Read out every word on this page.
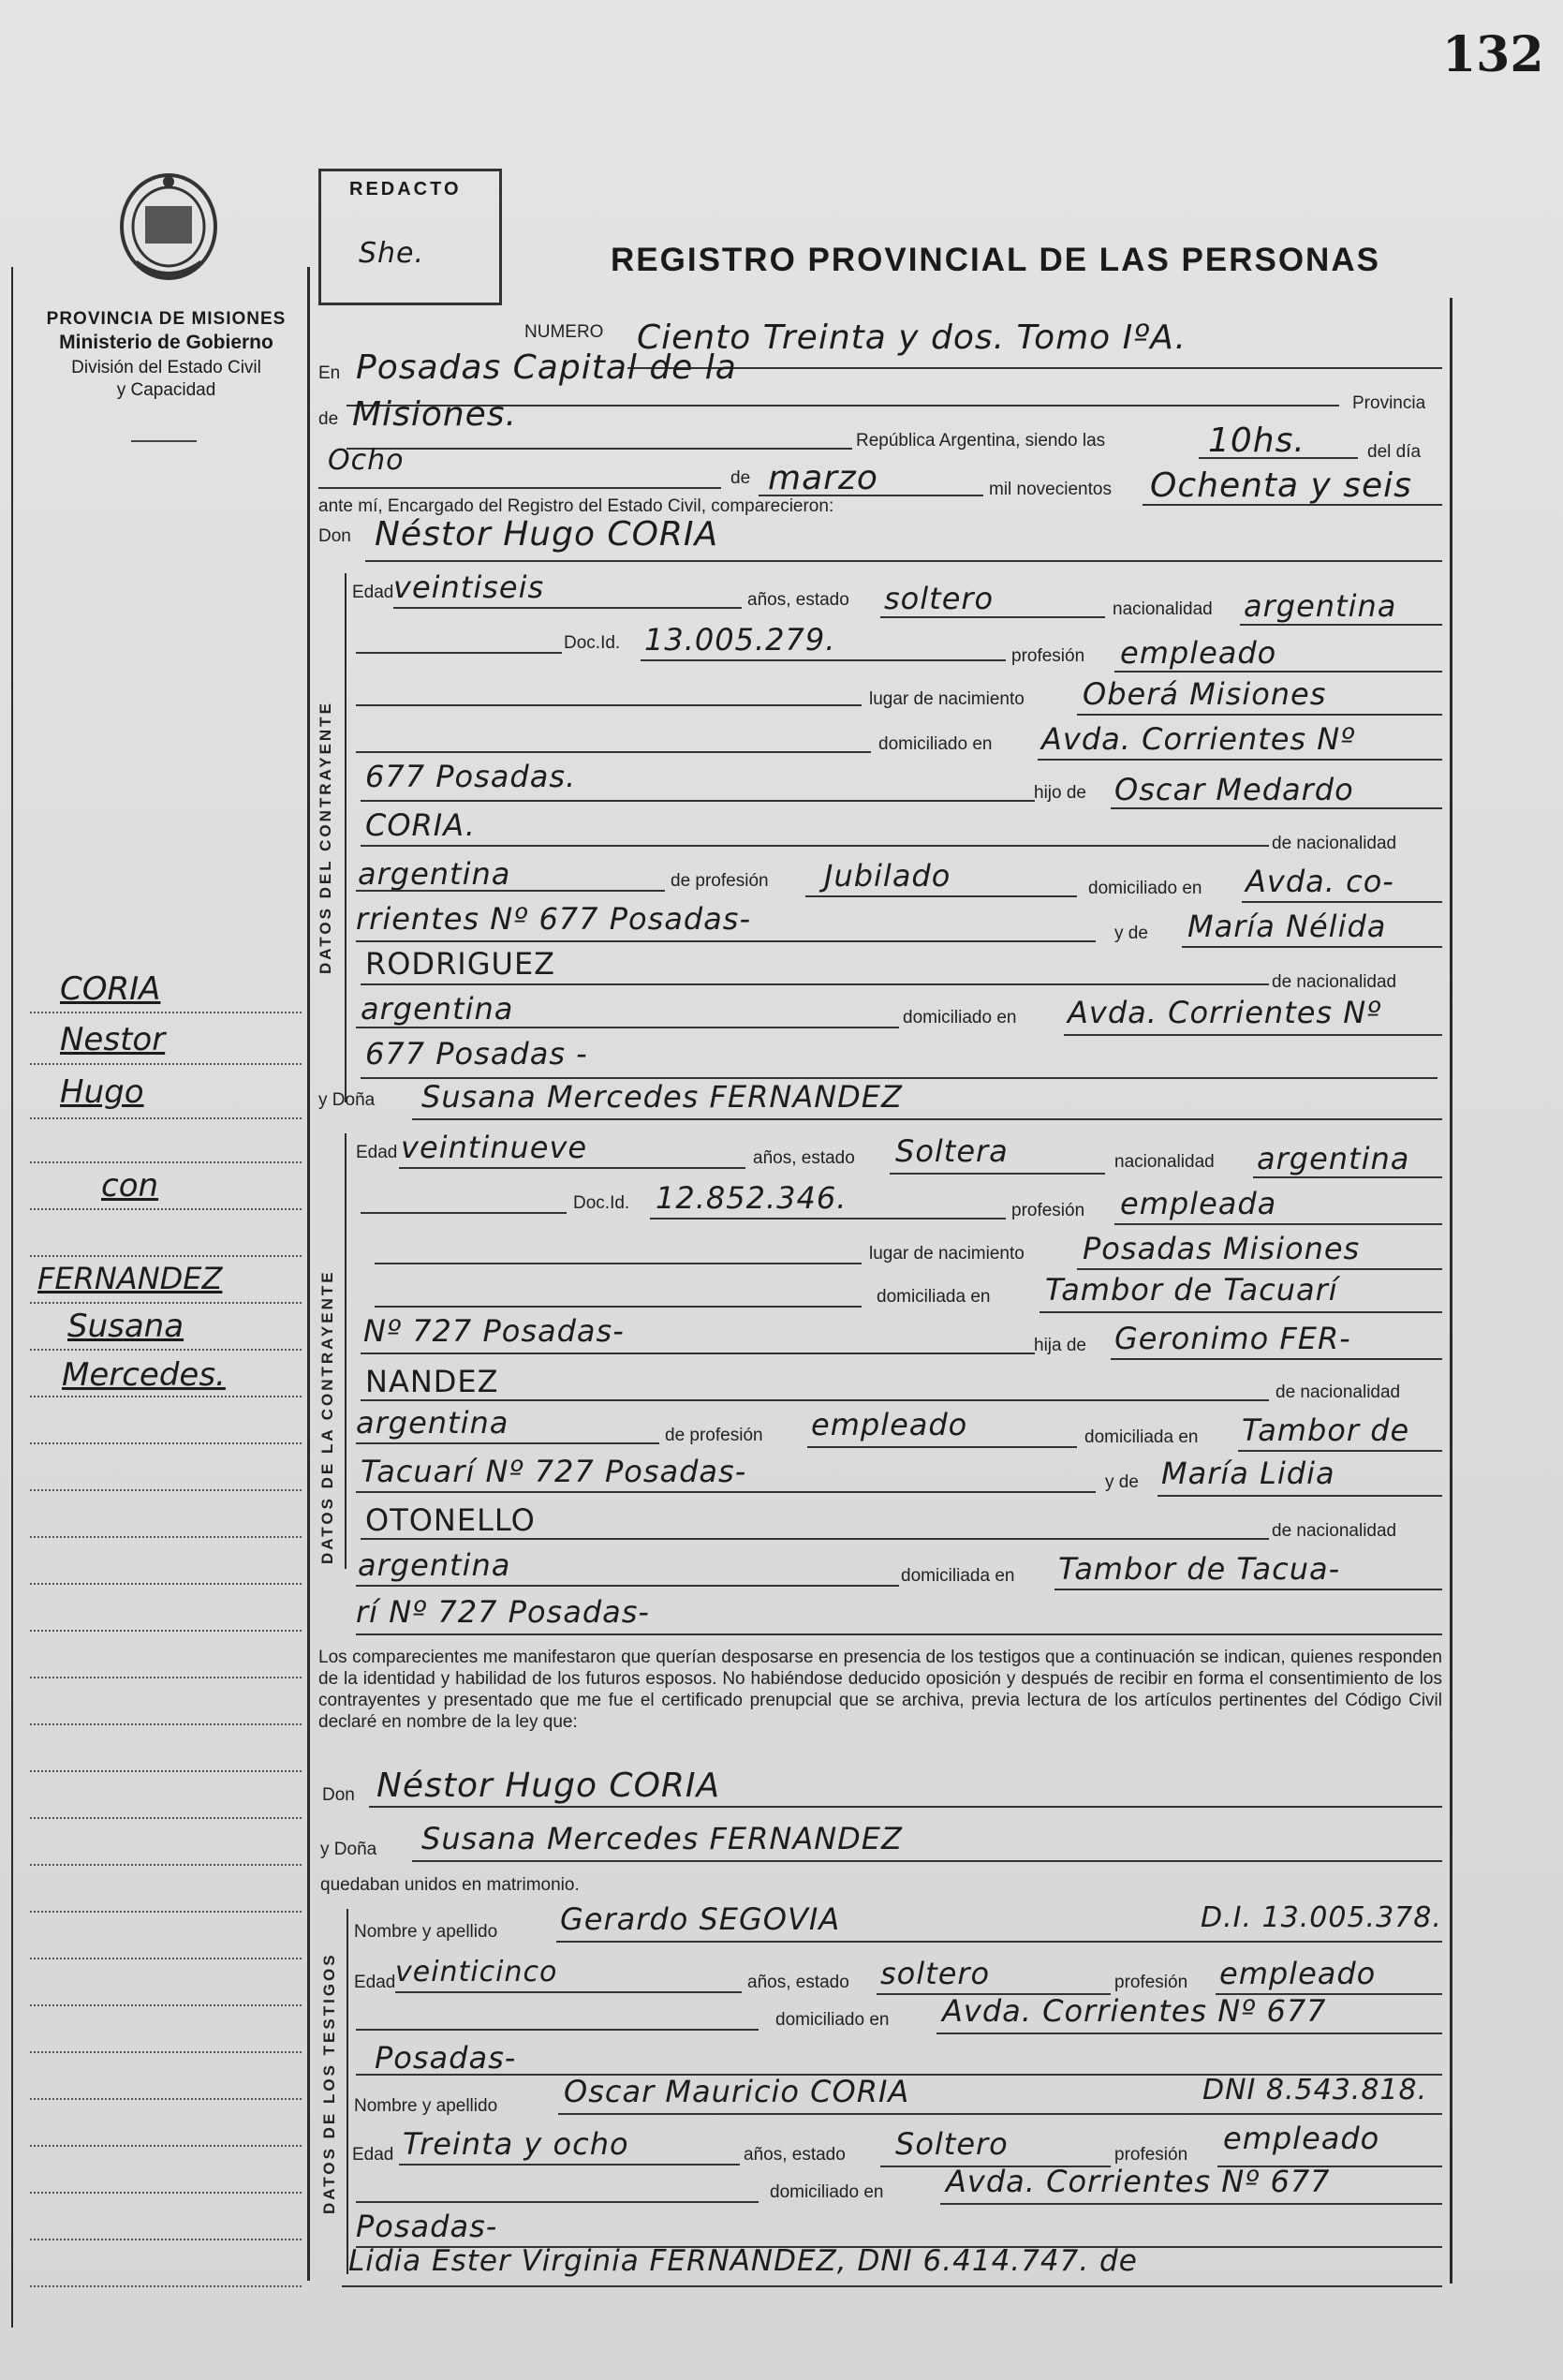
132
PROVINCIA DE MISIONES
Ministerio de Gobierno
División del Estado Civil
y Capacidad
REDACTO
She.	REGISTRO PROVINCIAL DE LAS PERSONAS
NUMERO Ciento Treinta y dos. Tomo IºA.
En Posadas Capital de la
Provincia
de Misiones.
República Argentina, siendo las	10hs.	del día
Ocho
de marzo	mil novecientos Ochenta y seis
ante mí, Encargado del Registro del Estado Civil, comparecieron:
Don Néstor Hugo CORIA
DATOS DEL CONTRAYENTE
Edad veintiseis	años, estado soltero	nacionalidad argentina
Doc.Id. 13.005.279.	profesión empleado
lugar de nacimiento Oberá Misiones
domiciliado en Avda. Corrientes Nº
677 Posadas.	hijo de Oscar Medardo
CORIA.
de nacionalidad
argentina	de profesión Jubilado	domiciliado en Avda. co-
rrientes Nº 677 Posadas-	y de María Nélida
RODRIGUEZ
de nacionalidad
argentina	domiciliado en Avda. Corrientes Nº
677 Posadas -
y Doña Susana Mercedes FERNANDEZ
DATOS DE LA CONTRAYENTE
Edad veintinueve	años, estado Soltera	nacionalidad argentina
Doc.Id. 12.852.346.	profesión empleada
lugar de nacimiento Posadas Misiones
domiciliada en Tambor de Tacuarí
Nº 727 Posadas-	hija de Geronimo FER-
NANDEZ	de nacionalidad
argentina	de profesión empleado	domiciliada en Tambor de
Tacuarí Nº 727 Posadas-	y de María Lidia
OTONELLO	de nacionalidad
argentina	domiciliada en Tambor de Tacua-
rí Nº 727 Posadas-
Los comparecientes me manifestaron que querían desposarse en presencia de los testigos que a continuación se indican, quienes responden de la identidad y habilidad de los futuros esposos. No habiéndose deducido oposición y después de recibir en forma el consentimiento de los contrayentes y presentado que me fue el certificado prenupcial que se archiva, previa lectura de los artículos pertinentes del Código Civil declaré en nombre de la ley que:
Don Néstor Hugo CORIA
y Doña Susana Mercedes FERNANDEZ
quedaban unidos en matrimonio.
DATOS DE LOS TESTIGOS
Nombre y apellido Gerardo SEGOVIA	D.I. 13.005.378.
Edad veinticinco	años, estado soltero	profesión empleado
domiciliado en Avda. Corrientes Nº 677
Posadas-
Nombre y apellido Oscar Mauricio CORIA	DNI 8.543.818.
Edad Treinta y ocho	años, estado Soltero	profesión empleado
domiciliado en Avda. Corrientes Nº 677
Posadas-
Lidia Ester Virginia FERNANDEZ, DNI 6.414.747. de
CORIA
Nestor
Hugo
con
FERNANDEZ
Susana
Mercedes.
